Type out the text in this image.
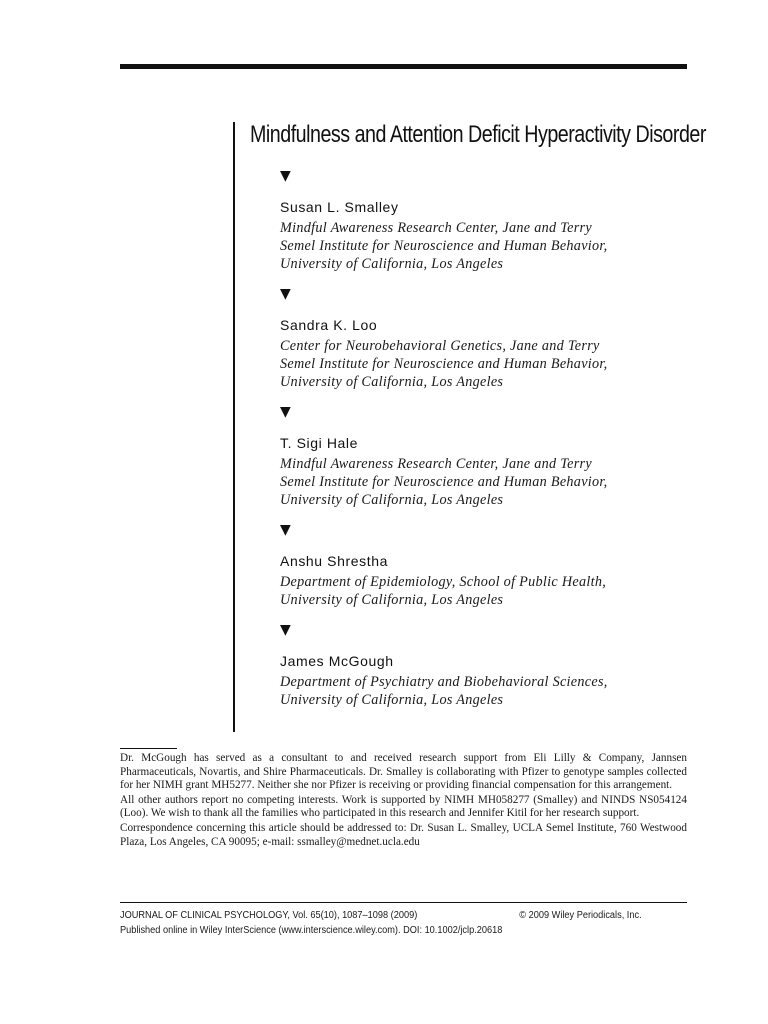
Mindfulness and Attention Deficit Hyperactivity Disorder
▼
Susan L. Smalley
Mindful Awareness Research Center, Jane and Terry
Semel Institute for Neuroscience and Human Behavior,
University of California, Los Angeles
▼
Sandra K. Loo
Center for Neurobehavioral Genetics, Jane and Terry
Semel Institute for Neuroscience and Human Behavior,
University of California, Los Angeles
▼
T. Sigi Hale
Mindful Awareness Research Center, Jane and Terry
Semel Institute for Neuroscience and Human Behavior,
University of California, Los Angeles
▼
Anshu Shrestha
Department of Epidemiology, School of Public Health,
University of California, Los Angeles
▼
James McGough
Department of Psychiatry and Biobehavioral Sciences,
University of California, Los Angeles

Dr. McGough has served as a consultant to and received research support from Eli Lilly & Company, Jannsen Pharmaceuticals, Novartis, and Shire Pharmaceuticals. Dr. Smalley is collaborating with Pfizer to genotype samples collected for her NIMH grant MH5277. Neither she nor Pfizer is receiving or providing financial compensation for this arrangement.

All other authors report no competing interests. Work is supported by NIMH MH058277 (Smalley) and NINDS NS054124 (Loo). We wish to thank all the families who participated in this research and Jennifer Kitil for her research support.

Correspondence concerning this article should be addressed to: Dr. Susan L. Smalley, UCLA Semel Institute, 760 Westwood Plaza, Los Angeles, CA 90095; e-mail: ssmalley@mednet.ucla.edu

JOURNAL OF CLINICAL PSYCHOLOGY, Vol. 65(10), 1087–1098 (2009)	© 2009 Wiley Periodicals, Inc.
Published online in Wiley InterScience (www.interscience.wiley.com). DOI: 10.1002/jclp.20618
